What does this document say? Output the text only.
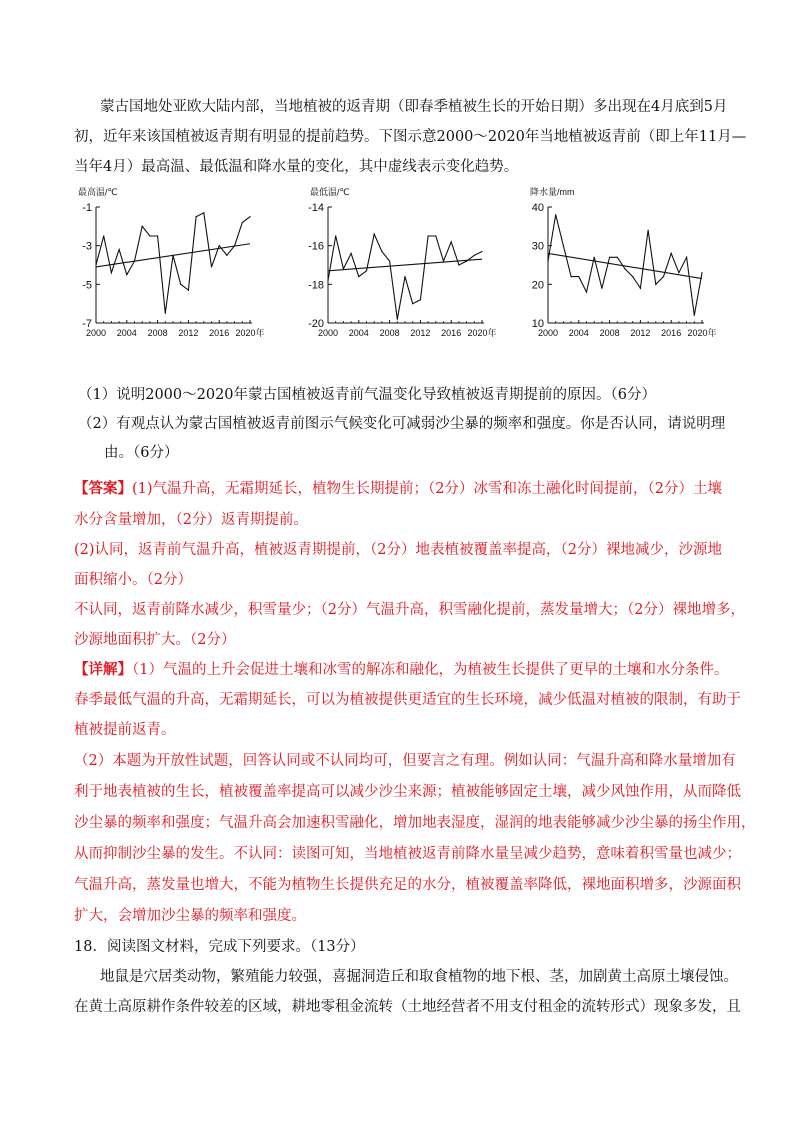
蒙古国地处亚欧大陆内部，当地植被的返青期（即春季植被生长的开始日期）多出现在4月底到5月
初，近年来该国植被返青期有明显的提前趋势。下图示意2000～2020年当地植被返青前（即上年11月—
当年4月）最高温、最低温和降水量的变化，其中虚线表示变化趋势。
最高温/℃
-1
-3
-5
-7
2000 2004 2008 2012 2016 2020年
最低温/℃
-14
-16
-18
-20
2000 2004 2008 2012 2016 2020年
降水量/mm
40
30
20
10
2000 2004 2008 2012 2016 2020年
（1）说明2000～2020年蒙古国植被返青前气温变化导致植被返青期提前的原因。（6分）
（2）有观点认为蒙古国植被返青前图示气候变化可减弱沙尘暴的频率和强度。你是否认同，请说明理
由。（6分）
【答案】(1)气温升高，无霜期延长，植物生长期提前；（2分）冰雪和冻土融化时间提前，（2分）土壤
水分含量增加，（2分）返青期提前。
(2)认同，返青前气温升高，植被返青期提前，（2分）地表植被覆盖率提高，（2分）裸地减少，沙源地
面积缩小。（2分）
不认同，返青前降水减少，积雪量少；（2分）气温升高，积雪融化提前，蒸发量增大；（2分）裸地增多，
沙源地面积扩大。（2分）
【详解】（1）气温的上升会促进土壤和冰雪的解冻和融化，为植被生长提供了更早的土壤和水分条件。
春季最低气温的升高，无霜期延长，可以为植被提供更适宜的生长环境，减少低温对植被的限制，有助于
植被提前返青。
（2）本题为开放性试题，回答认同或不认同均可，但要言之有理。例如认同：气温升高和降水量增加有
利于地表植被的生长，植被覆盖率提高可以减少沙尘来源；植被能够固定土壤，减少风蚀作用，从而降低
沙尘暴的频率和强度；气温升高会加速积雪融化，增加地表湿度，湿润的地表能够减少沙尘暴的扬尘作用，
从而抑制沙尘暴的发生。不认同：读图可知，当地植被返青前降水量呈减少趋势，意味着积雪量也减少；
气温升高，蒸发量也增大，不能为植物生长提供充足的水分，植被覆盖率降低，裸地面积增多，沙源面积
扩大，会增加沙尘暴的频率和强度。
18．阅读图文材料，完成下列要求。（13分）
地鼠是穴居类动物，繁殖能力较强，喜掘洞造丘和取食植物的地下根、茎，加剧黄土高原土壤侵蚀。
在黄土高原耕作条件较差的区域，耕地零租金流转（土地经营者不用支付租金的流转形式）现象多发，且
